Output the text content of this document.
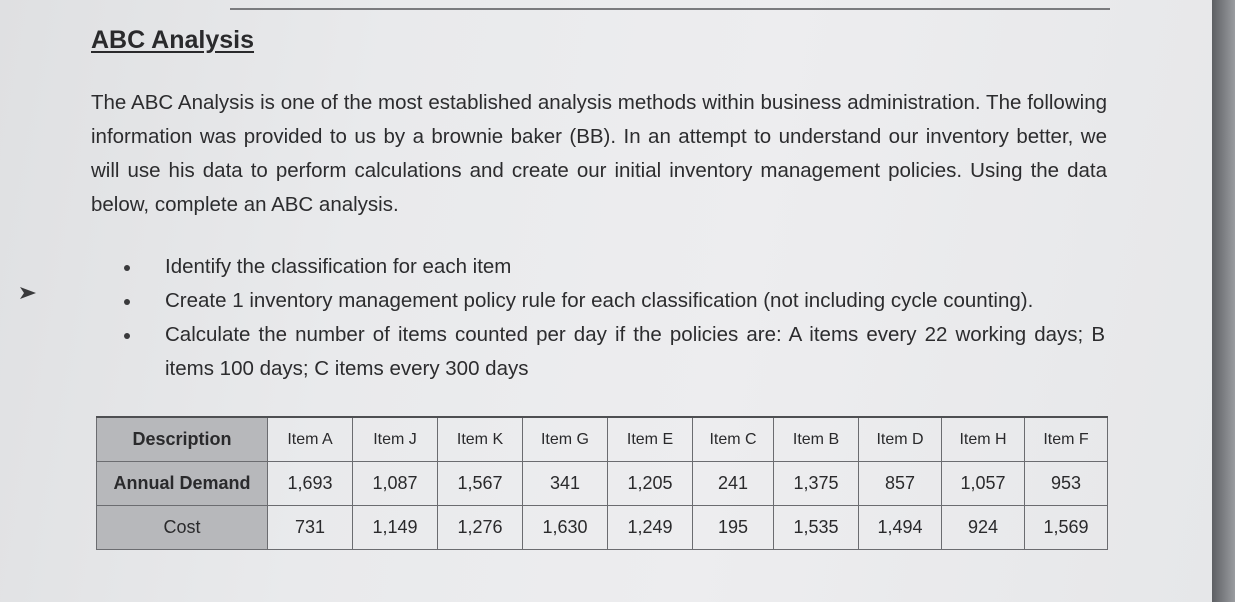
ABC Analysis
The ABC Analysis is one of the most established analysis methods within business administration. The following information was provided to us by a brownie baker (BB). In an attempt to understand our inventory better, we will use his data to perform calculations and create our initial inventory management policies. Using the data below, complete an ABC analysis.
Identify the classification for each item
Create 1 inventory management policy rule for each classification (not including cycle counting).
Calculate the number of items counted per day if the policies are: A items every 22 working days; B items 100 days; C items every 300 days
Description	Item A	Item J	Item K	Item G	Item E	Item C	Item B	Item D	Item H	Item F
Annual Demand	1,693	1,087	1,567	341	1,205	241	1,375	857	1,057	953
Cost	731	1,149	1,276	1,630	1,249	195	1,535	1,494	924	1,569
